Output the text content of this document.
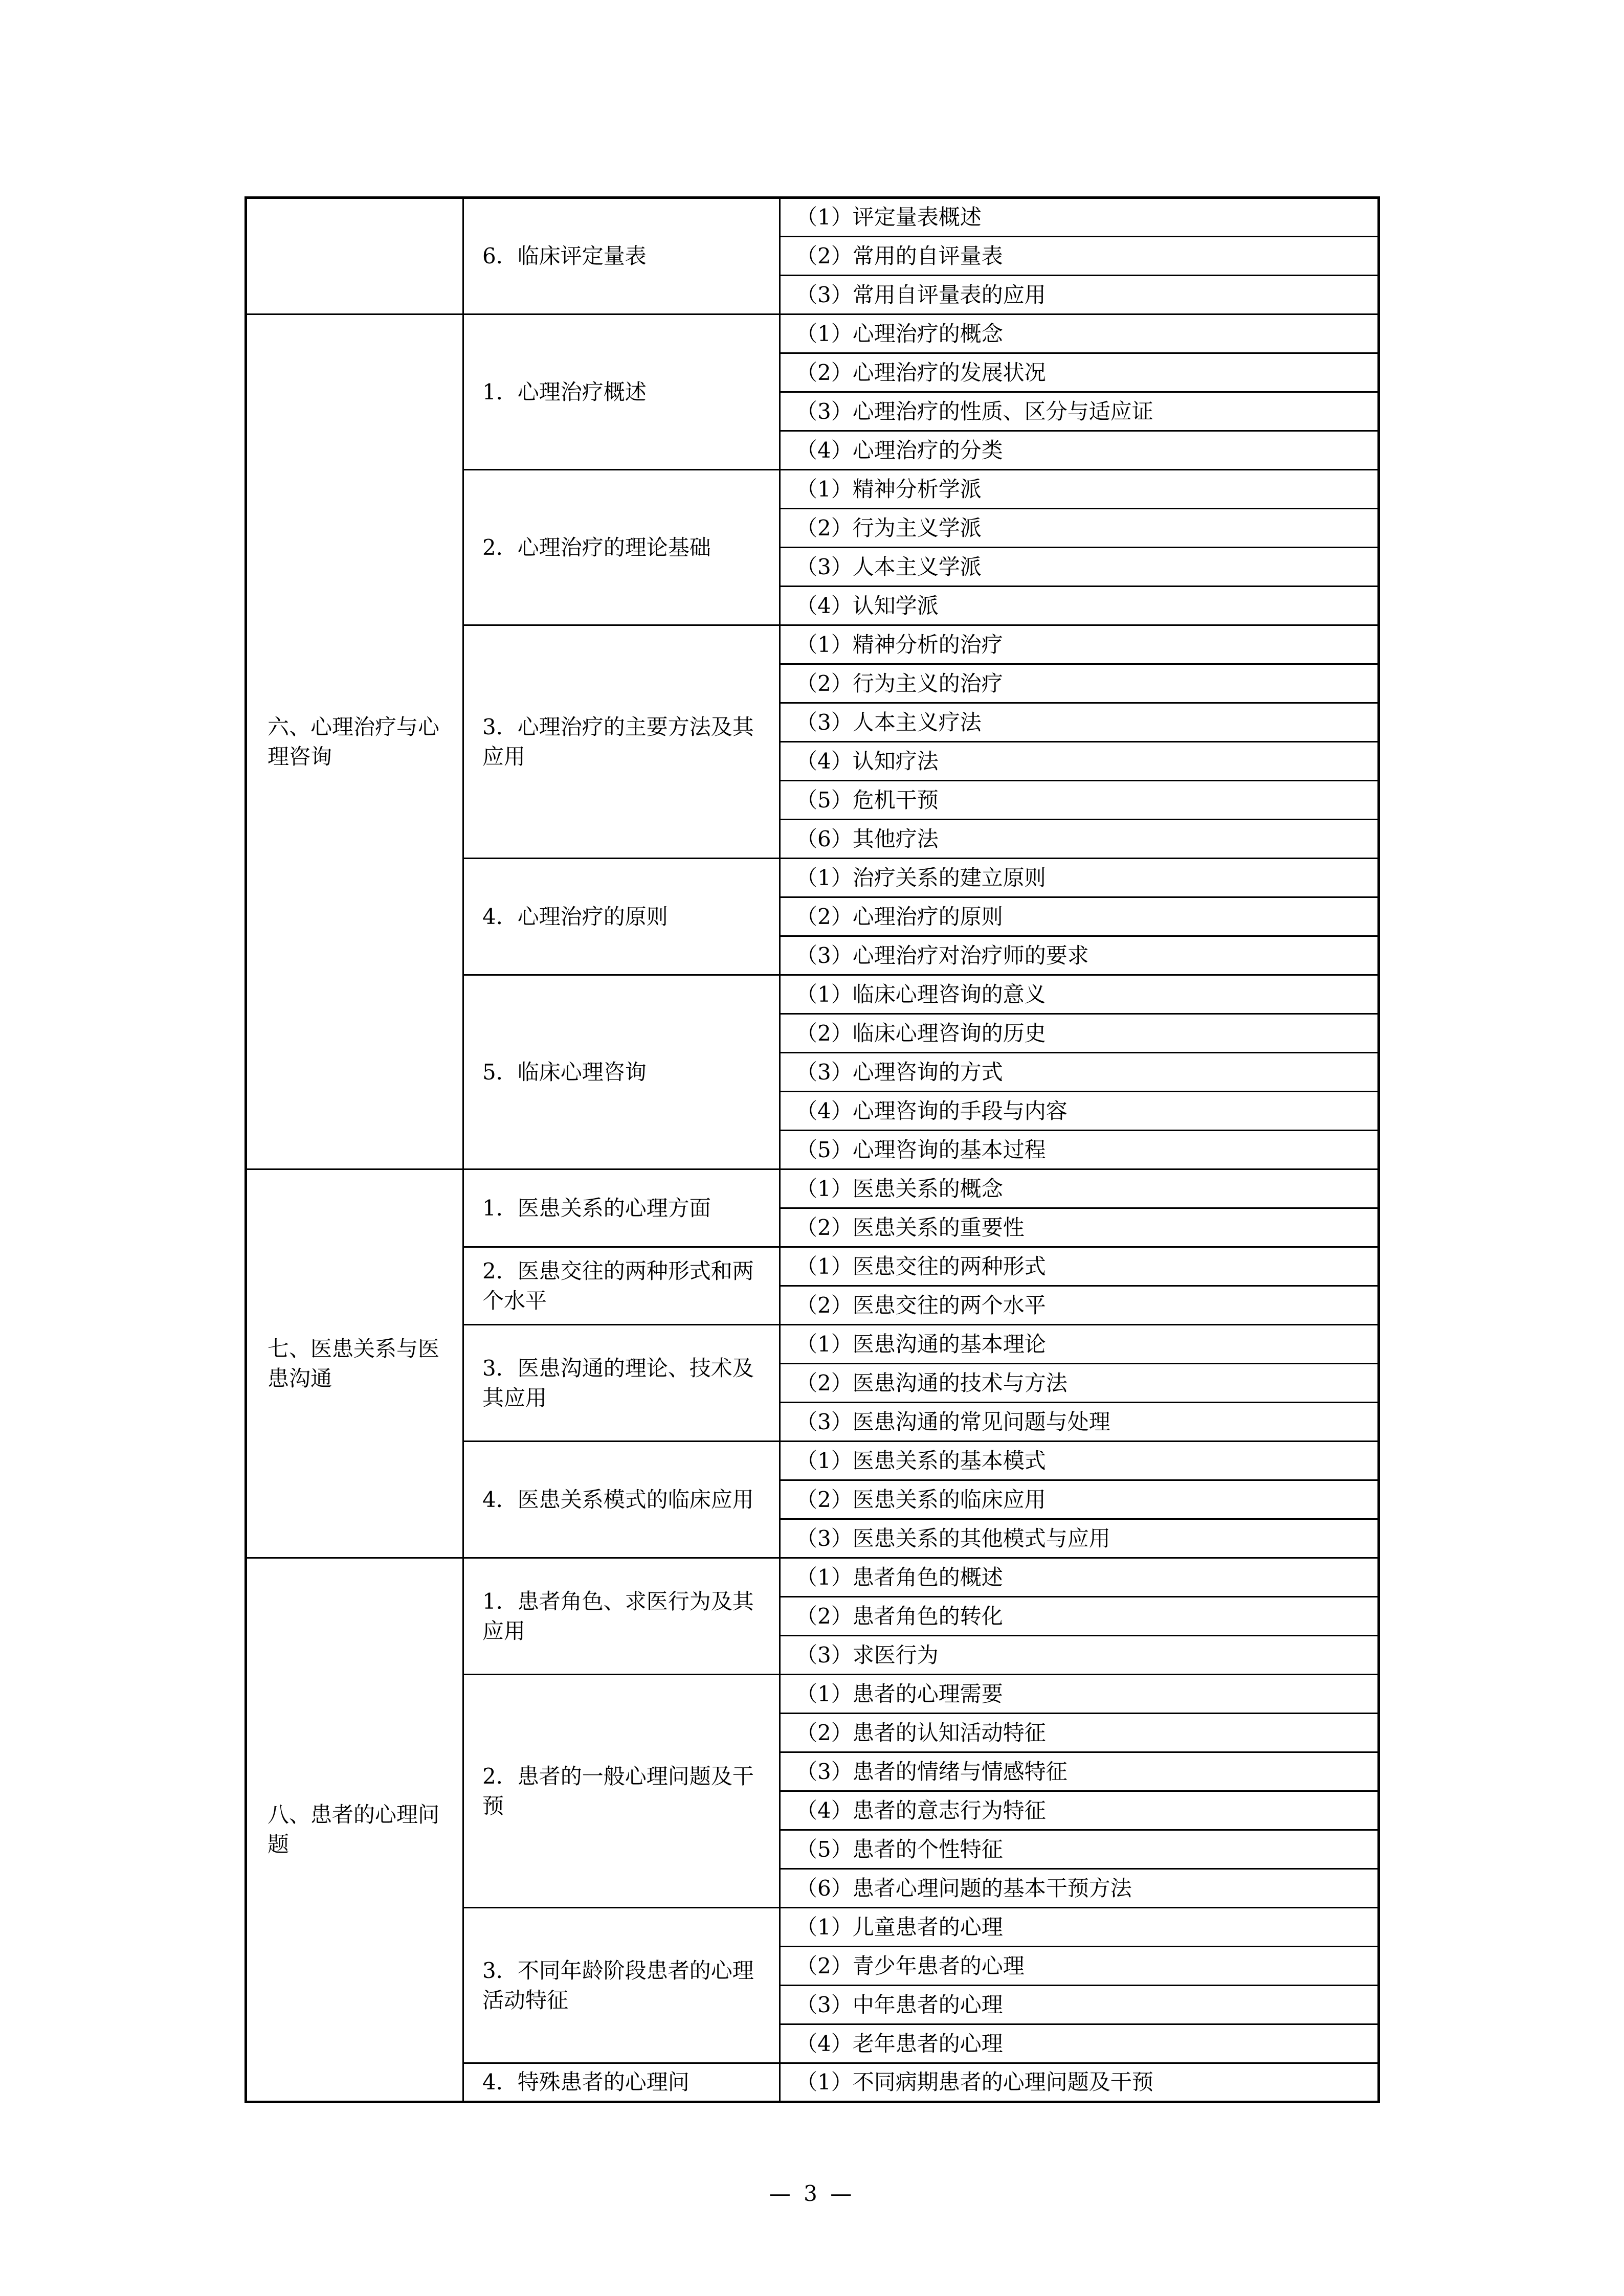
	6．临床评定量表	（1）评定量表概述
		（2）常用的自评量表
		（3）常用自评量表的应用
六、心理治疗与心理咨询	1．心理治疗概述	（1）心理治疗的概念
		（2）心理治疗的发展状况
		（3）心理治疗的性质、区分与适应证
		（4）心理治疗的分类
	2．心理治疗的理论基础	（1）精神分析学派
		（2）行为主义学派
		（3）人本主义学派
		（4）认知学派
	3．心理治疗的主要方法及其应用	（1）精神分析的治疗
		（2）行为主义的治疗
		（3）人本主义疗法
		（4）认知疗法
		（5）危机干预
		（6）其他疗法
	4．心理治疗的原则	（1）治疗关系的建立原则
		（2）心理治疗的原则
		（3）心理治疗对治疗师的要求
	5．临床心理咨询	（1）临床心理咨询的意义
		（2）临床心理咨询的历史
		（3）心理咨询的方式
		（4）心理咨询的手段与内容
		（5）心理咨询的基本过程
七、医患关系与医患沟通	1．医患关系的心理方面	（1）医患关系的概念
		（2）医患关系的重要性
	2．医患交往的两种形式和两个水平	（1）医患交往的两种形式
		（2）医患交往的两个水平
	3．医患沟通的理论、技术及其应用	（1）医患沟通的基本理论
		（2）医患沟通的技术与方法
		（3）医患沟通的常见问题与处理
	4．医患关系模式的临床应用	（1）医患关系的基本模式
		（2）医患关系的临床应用
		（3）医患关系的其他模式与应用
八、患者的心理问题	1．患者角色、求医行为及其应用	（1）患者角色的概述
		（2）患者角色的转化
		（3）求医行为
	2．患者的一般心理问题及干预	（1）患者的心理需要
		（2）患者的认知活动特征
		（3）患者的情绪与情感特征
		（4）患者的意志行为特征
		（5）患者的个性特征
		（6）患者心理问题的基本干预方法
	3．不同年龄阶段患者的心理活动特征	（1）儿童患者的心理
		（2）青少年患者的心理
		（3）中年患者的心理
		（4）老年患者的心理
	4．特殊患者的心理问	（1）不同病期患者的心理问题及干预
— 3 —
